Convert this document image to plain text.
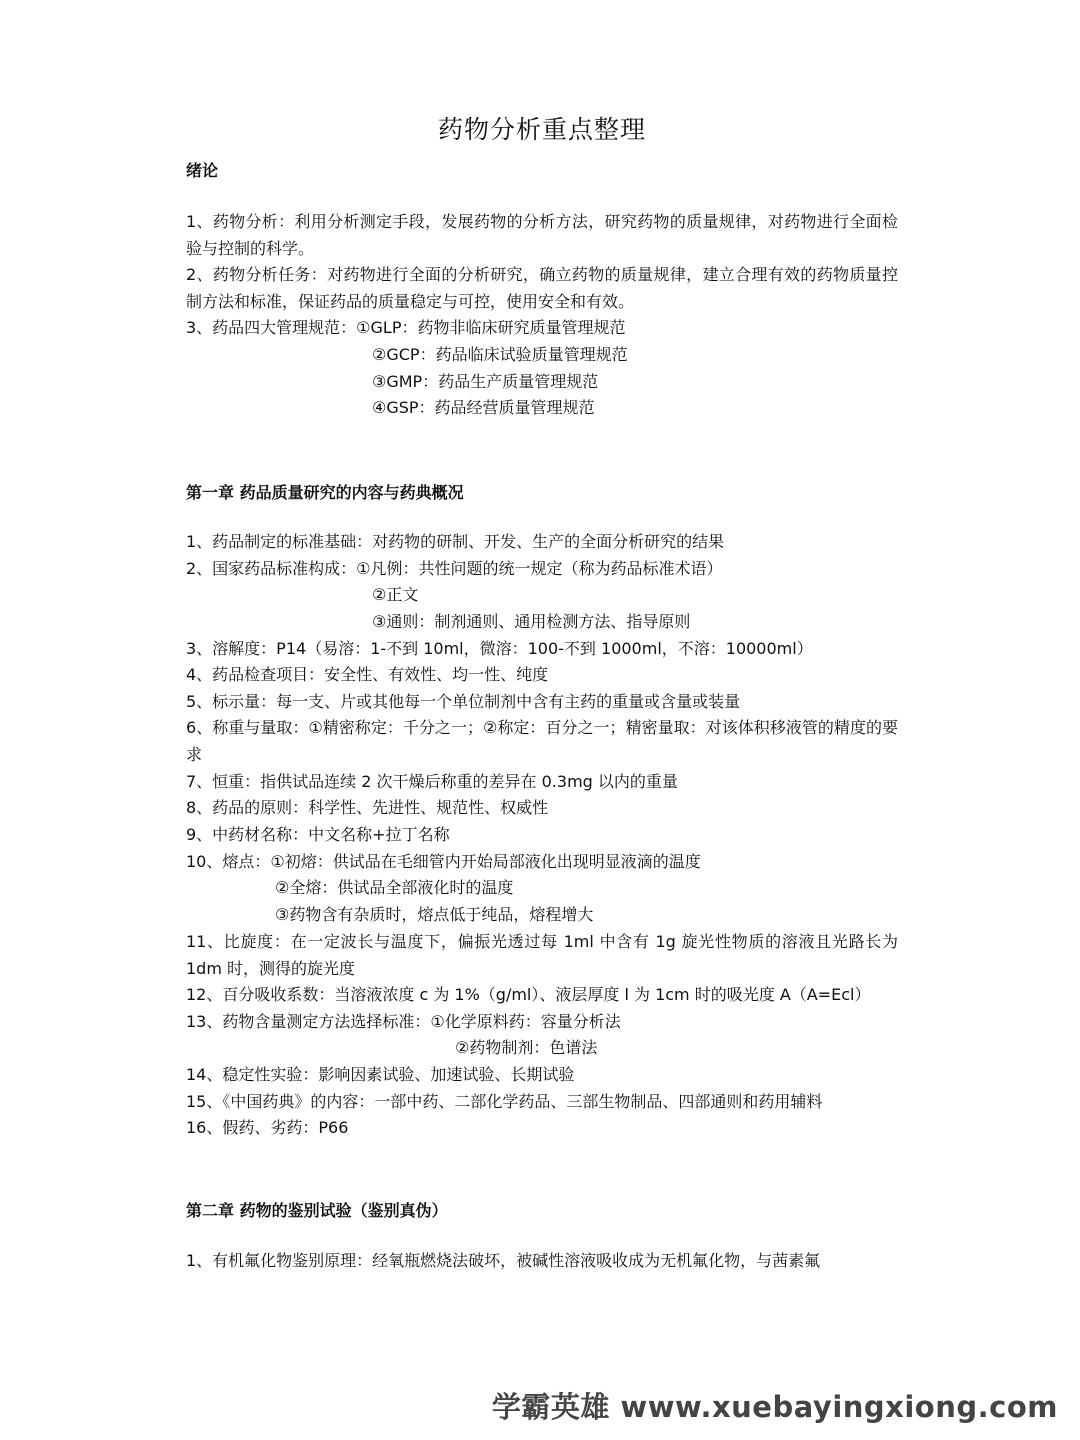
药物分析重点整理
绪论
1、药物分析：利用分析测定手段，发展药物的分析方法，研究药物的质量规律，对药物进行全面检验与控制的科学。
2、药物分析任务：对药物进行全面的分析研究，确立药物的质量规律，建立合理有效的药物质量控制方法和标准，保证药品的质量稳定与可控，使用安全和有效。
3、药品四大管理规范：①GLP：药物非临床研究质量管理规范
②GCP：药品临床试验质量管理规范
③GMP：药品生产质量管理规范
④GSP：药品经营质量管理规范
第一章 药品质量研究的内容与药典概况
1、药品制定的标准基础：对药物的研制、开发、生产的全面分析研究的结果
2、国家药品标准构成：①凡例：共性问题的统一规定（称为药品标准术语）
②正文
③通则：制剂通则、通用检测方法、指导原则
3、溶解度：P14（易溶：1-不到 10ml，微溶：100-不到 1000ml，不溶：10000ml）
4、药品检查项目：安全性、有效性、均一性、纯度
5、标示量：每一支、片或其他每一个单位制剂中含有主药的重量或含量或装量
6、称重与量取：①精密称定：千分之一；②称定：百分之一；精密量取：对该体积移液管的精度的要求
7、恒重：指供试品连续 2 次干燥后称重的差异在 0.3mg 以内的重量
8、药品的原则：科学性、先进性、规范性、权威性
9、中药材名称：中文名称+拉丁名称
10、熔点：①初熔：供试品在毛细管内开始局部液化出现明显液滴的温度
②全熔：供试品全部液化时的温度
③药物含有杂质时，熔点低于纯品，熔程增大
11、比旋度：在一定波长与温度下，偏振光透过每 1ml 中含有 1g 旋光性物质的溶液且光路长为 1dm 时，测得的旋光度
12、百分吸收系数：当溶液浓度 c 为 1%（g/ml）、液层厚度 l 为 1cm 时的吸光度 A（A=Ecl）
13、药物含量测定方法选择标准：①化学原料药：容量分析法
②药物制剂：色谱法
14、稳定性实验：影响因素试验、加速试验、长期试验
15、《中国药典》的内容：一部中药、二部化学药品、三部生物制品、四部通则和药用辅料
16、假药、劣药：P66
第二章 药物的鉴别试验（鉴别真伪）
1、有机氟化物鉴别原理：经氧瓶燃烧法破坏，被碱性溶液吸收成为无机氟化物，与茜素氟
学霸英雄 www.xuebayingxiong.com
